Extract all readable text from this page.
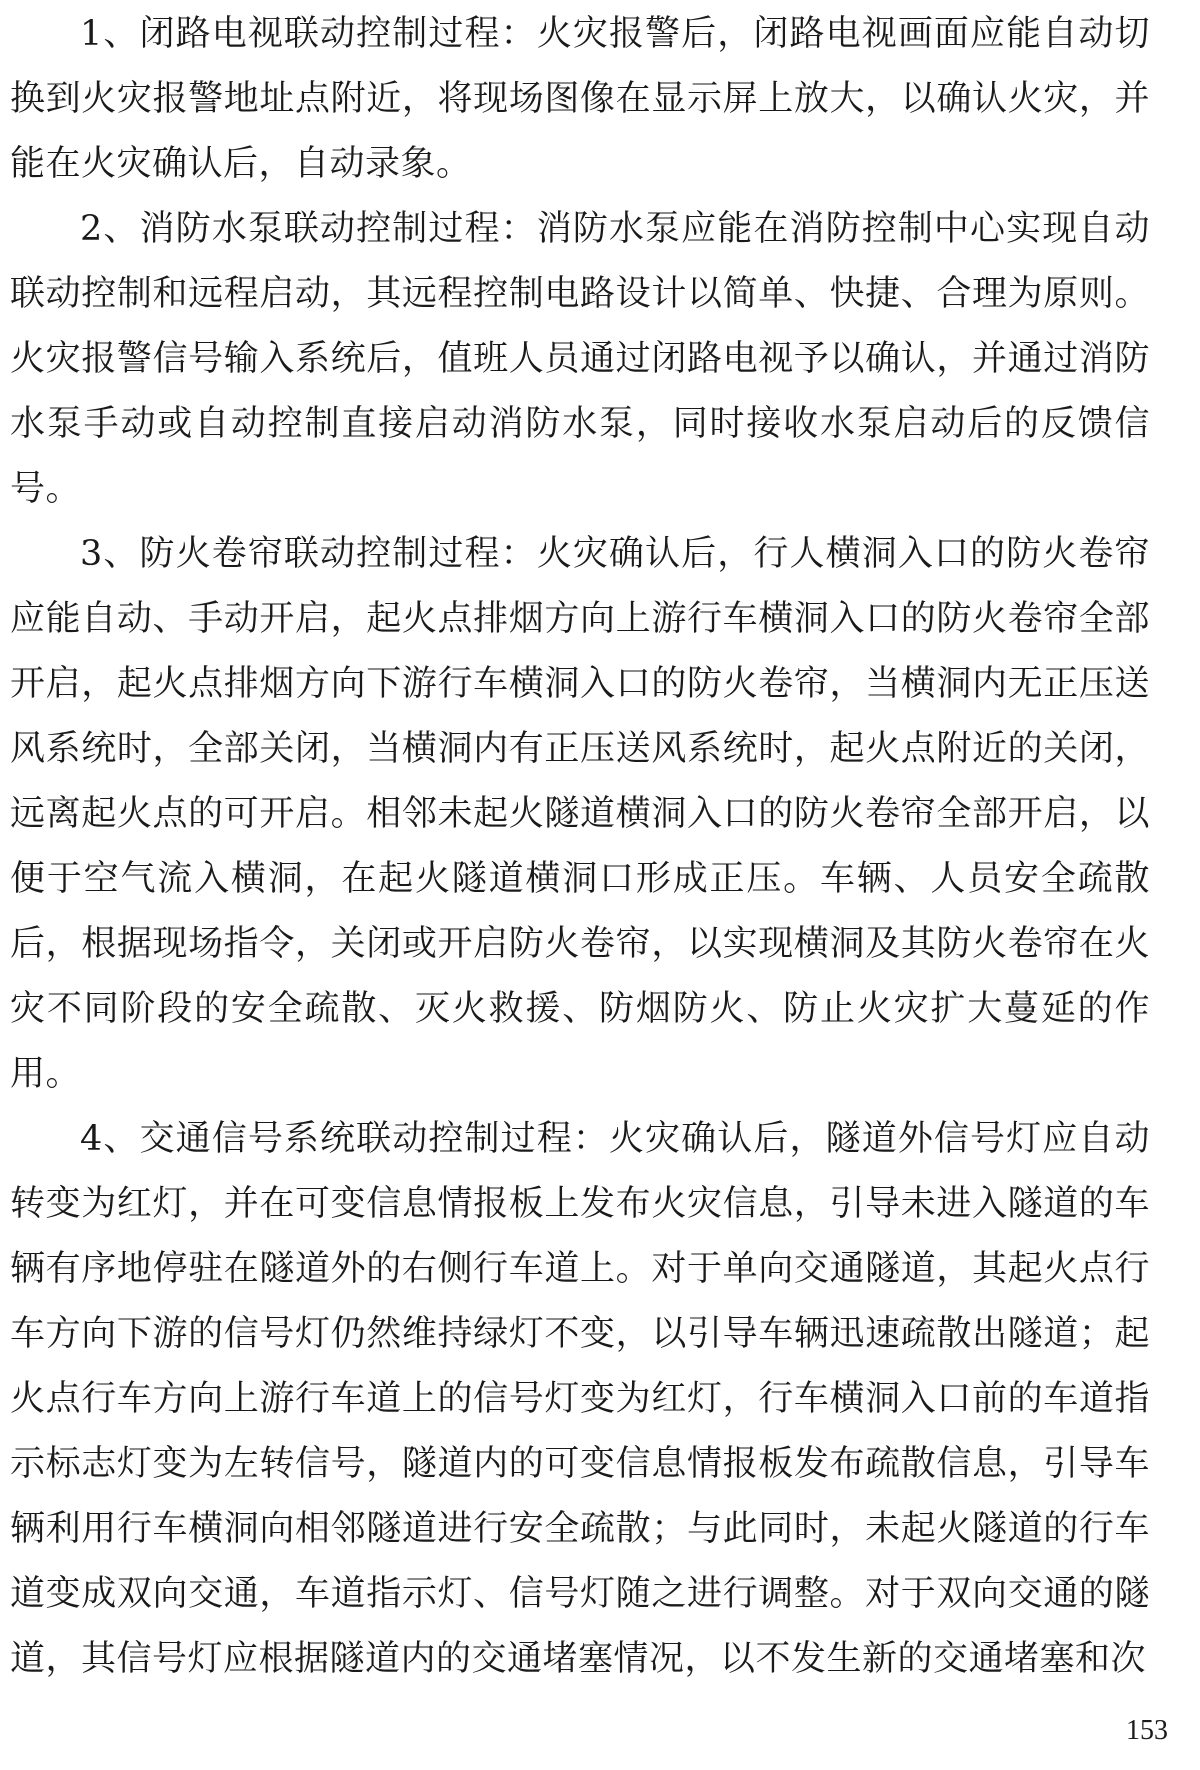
1、闭路电视联动控制过程：火灾报警后，闭路电视画面应能自动切换到火灾报警地址点附近，将现场图像在显示屏上放大，以确认火灾，并能在火灾确认后，自动录象。

2、消防水泵联动控制过程：消防水泵应能在消防控制中心实现自动联动控制和远程启动，其远程控制电路设计以简单、快捷、合理为原则。火灾报警信号输入系统后，值班人员通过闭路电视予以确认，并通过消防水泵手动或自动控制直接启动消防水泵，同时接收水泵启动后的反馈信号。

3、防火卷帘联动控制过程：火灾确认后，行人横洞入口的防火卷帘应能自动、手动开启，起火点排烟方向上游行车横洞入口的防火卷帘全部开启，起火点排烟方向下游行车横洞入口的防火卷帘，当横洞内无正压送风系统时，全部关闭，当横洞内有正压送风系统时，起火点附近的关闭，远离起火点的可开启。相邻未起火隧道横洞入口的防火卷帘全部开启，以便于空气流入横洞，在起火隧道横洞口形成正压。车辆、人员安全疏散后，根据现场指令，关闭或开启防火卷帘，以实现横洞及其防火卷帘在火灾不同阶段的安全疏散、灭火救援、防烟防火、防止火灾扩大蔓延的作用。

4、交通信号系统联动控制过程：火灾确认后，隧道外信号灯应自动转变为红灯，并在可变信息情报板上发布火灾信息，引导未进入隧道的车辆有序地停驻在隧道外的右侧行车道上。对于单向交通隧道，其起火点行车方向下游的信号灯仍然维持绿灯不变，以引导车辆迅速疏散出隧道；起火点行车方向上游行车道上的信号灯变为红灯，行车横洞入口前的车道指示标志灯变为左转信号，隧道内的可变信息情报板发布疏散信息，引导车辆利用行车横洞向相邻隧道进行安全疏散；与此同时，未起火隧道的行车道变成双向交通，车道指示灯、信号灯随之进行调整。对于双向交通的隧道，其信号灯应根据隧道内的交通堵塞情况，以不发生新的交通堵塞和次

153
